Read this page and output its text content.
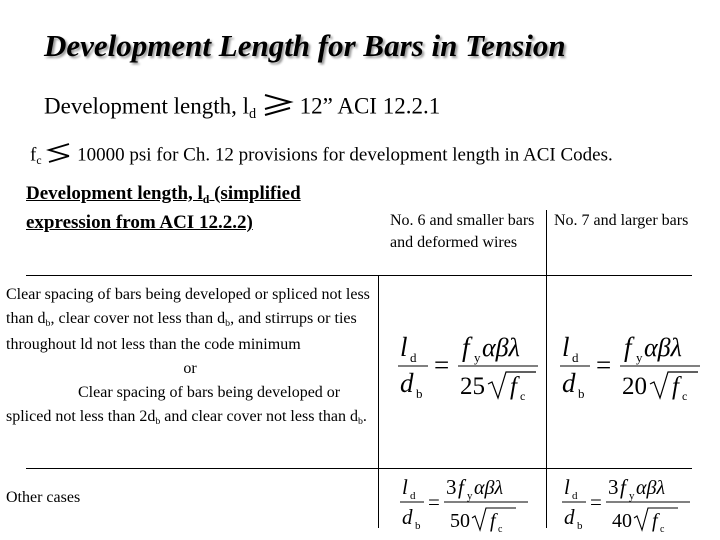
Development Length for Bars in Tension
Development length, $l_d$ 12” ACI 12.2.1
$f_c$ 10000 psi for Ch. 12 provisions for development length in ACI Codes.
Development length, $l_d$ (simplified expression from ACI 12.2.2)	No. 6 and smaller bars and deformed wires
No. 7 and larger bars
Clear spacing of bars being developed or spliced not less than $d_b$, clear cover not less than $d_b$, and stirrups or ties throughout ld not less than the code minimum
or
Clear spacing of bars being developed or spliced not less than $2d_b$ and clear cover not less than $d_b$.
Other cases
l d
d b
=
f y αβλ
25 f c
l d
d b
=
f y αβλ
20 f c
l d
d b
=
3 f y αβλ
50 f c
l d
d b
=
3 f y αβλ
40 f c
